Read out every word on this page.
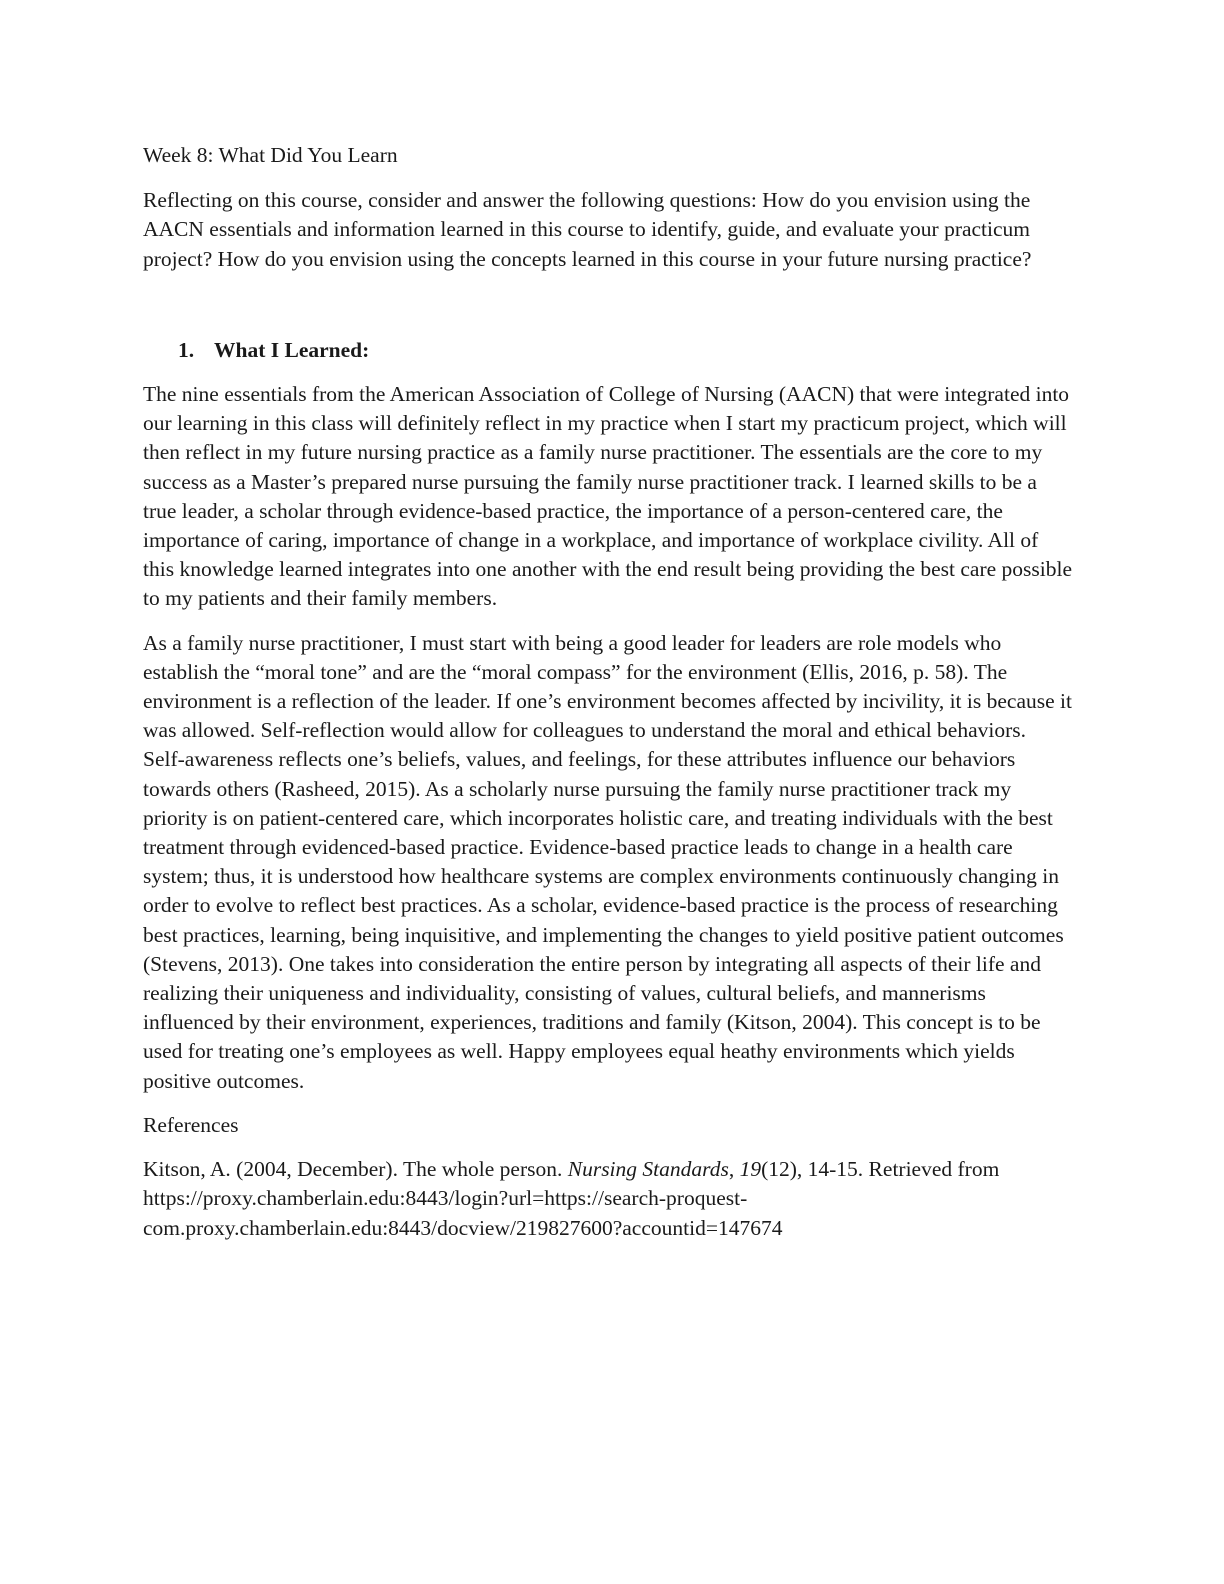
Week 8: What Did You Learn

Reflecting on this course, consider and answer the following questions: How do you envision using the AACN essentials and information learned in this course to identify, guide, and evaluate your practicum project? How do you envision using the concepts learned in this course in your future nursing practice?

1. What I Learned:

The nine essentials from the American Association of College of Nursing (AACN) that were integrated into our learning in this class will definitely reflect in my practice when I start my practicum project, which will then reflect in my future nursing practice as a family nurse practitioner. The essentials are the core to my success as a Master’s prepared nurse pursuing the family nurse practitioner track. I learned skills to be a true leader, a scholar through evidence-based practice, the importance of a person-centered care, the importance of caring, importance of change in a workplace, and importance of workplace civility. All of this knowledge learned integrates into one another with the end result being providing the best care possible to my patients and their family members.

As a family nurse practitioner, I must start with being a good leader for leaders are role models who establish the “moral tone” and are the “moral compass” for the environment (Ellis, 2016, p. 58). The environment is a reflection of the leader. If one’s environment becomes affected by incivility, it is because it was allowed. Self-reflection would allow for colleagues to understand the moral and ethical behaviors. Self-awareness reflects one’s beliefs, values, and feelings, for these attributes influence our behaviors towards others (Rasheed, 2015). As a scholarly nurse pursuing the family nurse practitioner track my priority is on patient-centered care, which incorporates holistic care, and treating individuals with the best treatment through evidenced-based practice. Evidence-based practice leads to change in a health care system; thus, it is understood how healthcare systems are complex environments continuously changing in order to evolve to reflect best practices. As a scholar, evidence-based practice is the process of researching best practices, learning, being inquisitive, and implementing the changes to yield positive patient outcomes (Stevens, 2013). One takes into consideration the entire person by integrating all aspects of their life and realizing their uniqueness and individuality, consisting of values, cultural beliefs, and mannerisms influenced by their environment, experiences, traditions and family (Kitson, 2004). This concept is to be used for treating one’s employees as well. Happy employees equal heathy environments which yields positive outcomes.

References

Kitson, A. (2004, December). The whole person. Nursing Standards, 19(12), 14-15. Retrieved from https://proxy.chamberlain.edu:8443/login?url=https://search-proquest-com.proxy.chamberlain.edu:8443/docview/219827600?accountid=147674
